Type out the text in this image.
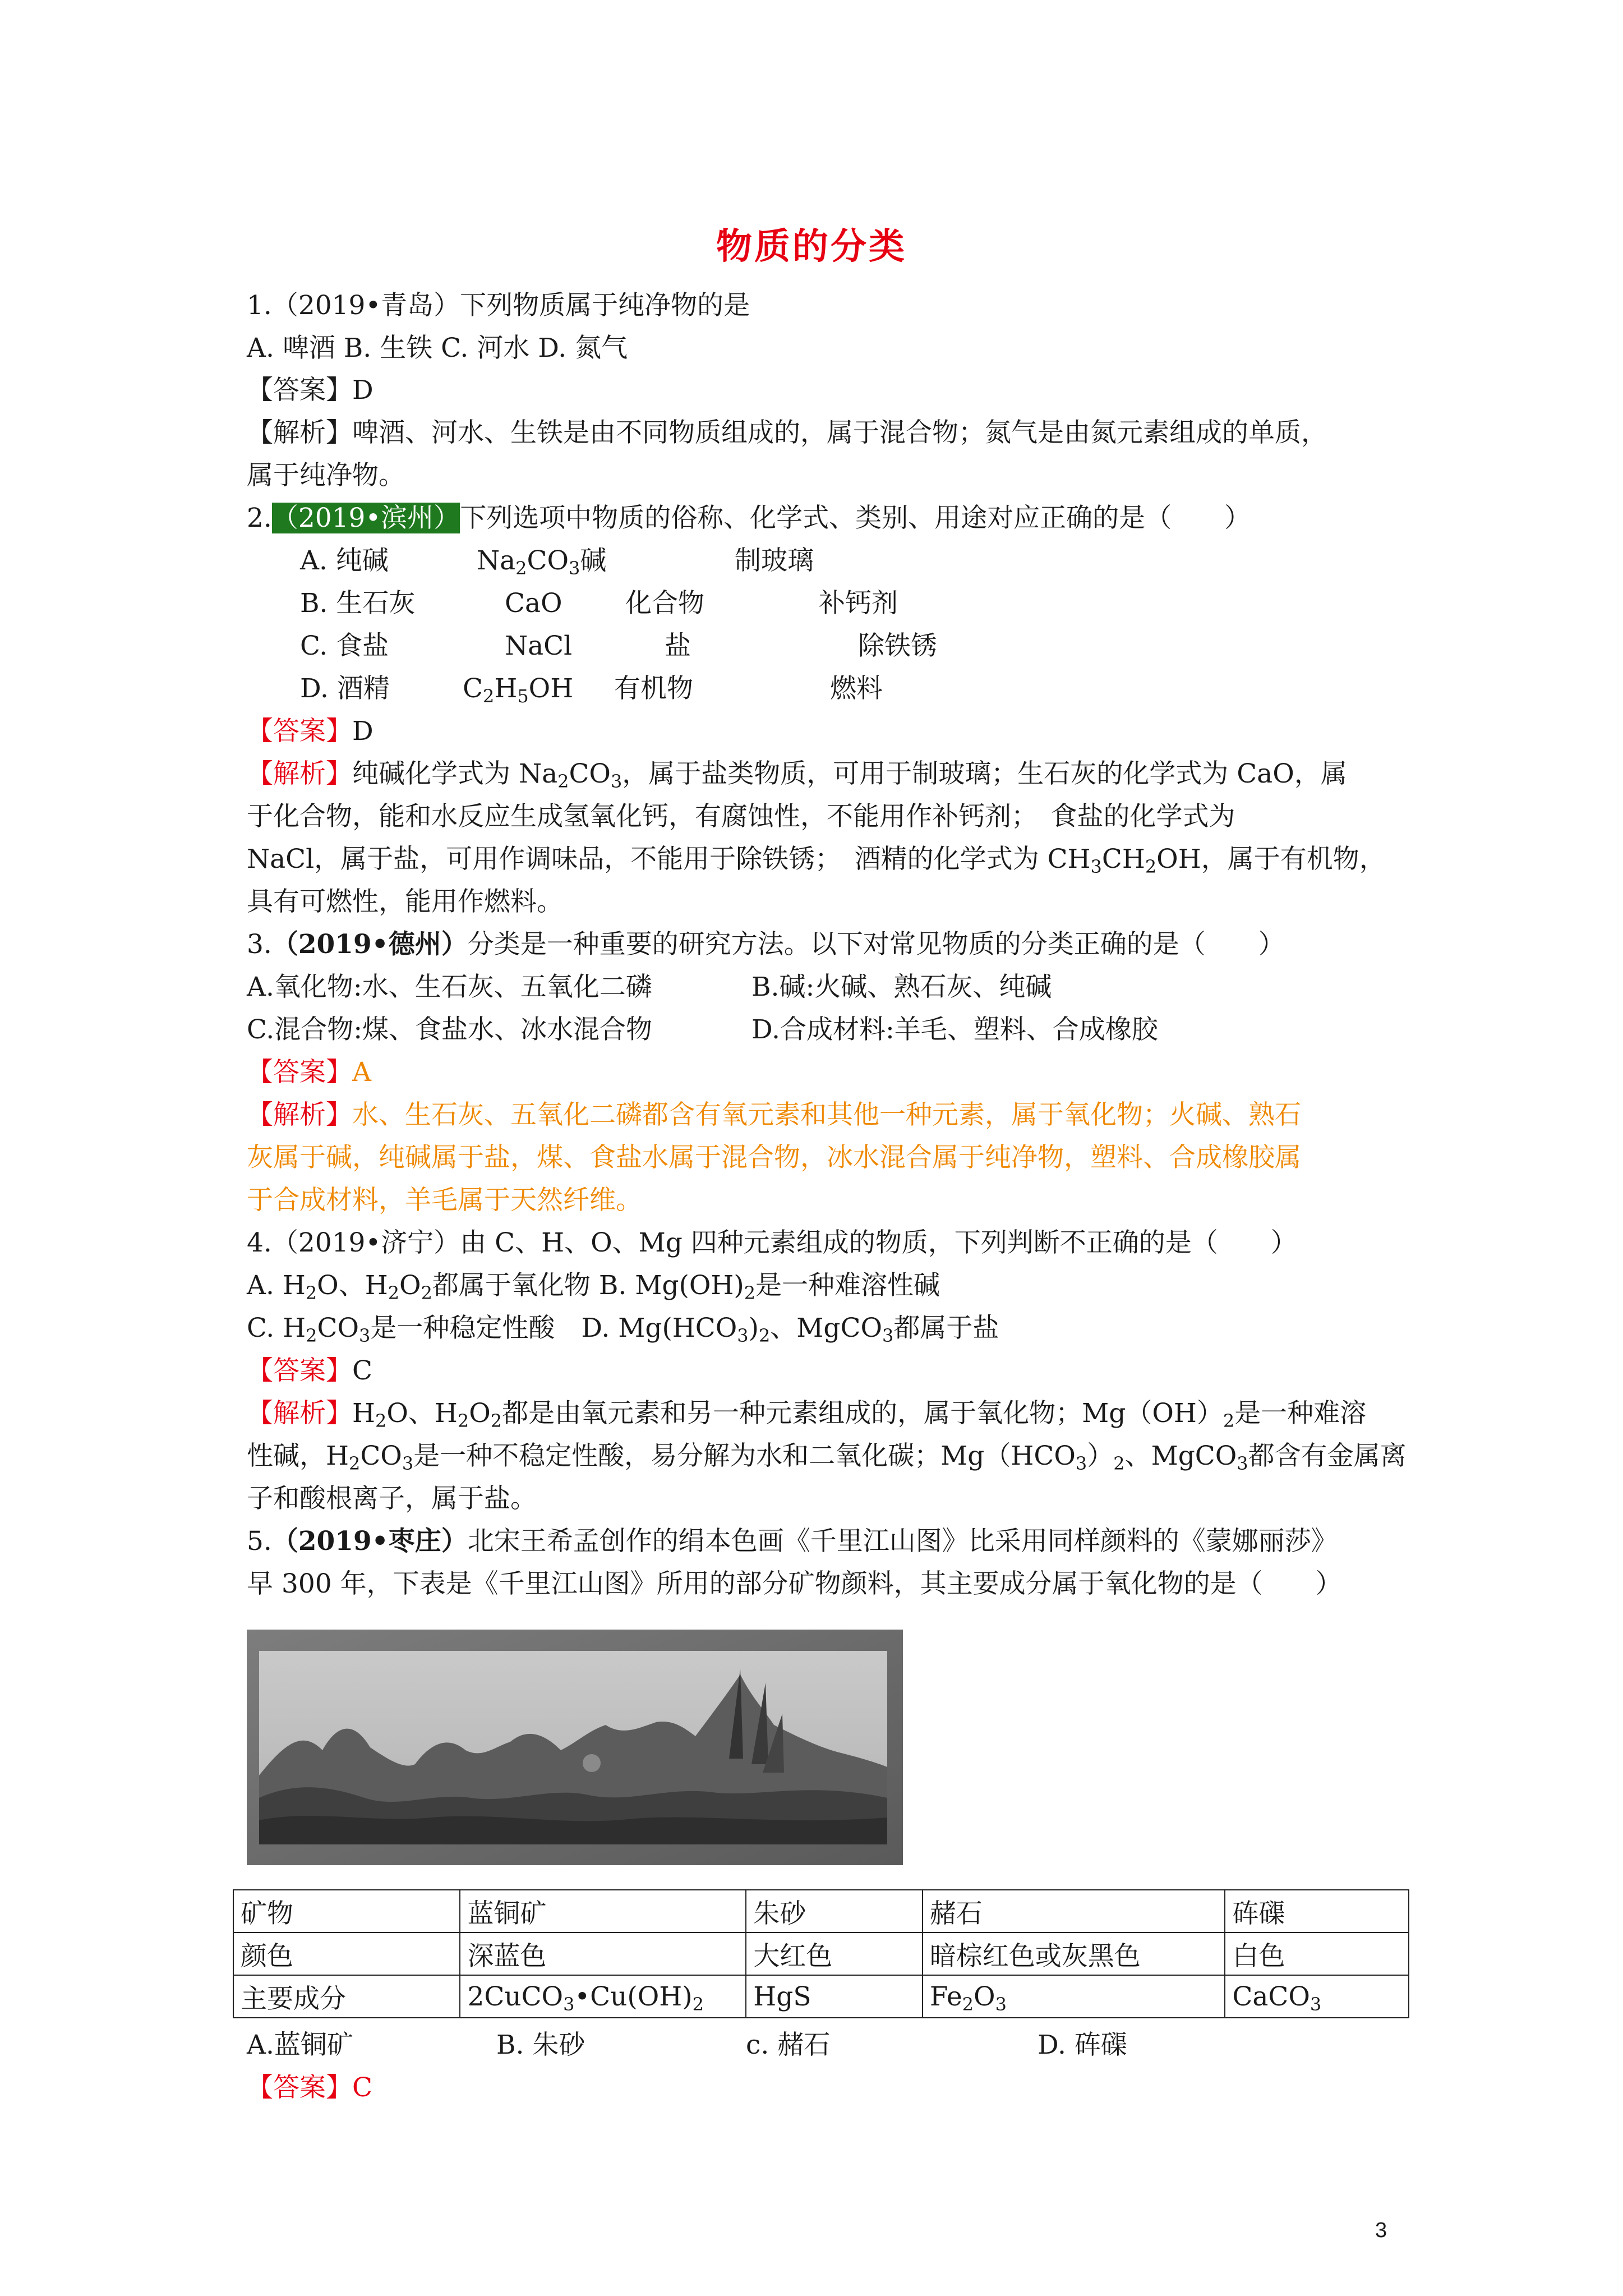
物质的分类
1.（2019•青岛）下列物质属于纯净物的是
A. 啤酒 B. 生铁 C. 河水 D. 氮气
【答案】D
【解析】啤酒、河水、生铁是由不同物质组成的，属于混合物；氮气是由氮元素组成的单质，
属于纯净物。
2.（2019•滨州）下列选项中物质的俗称、化学式、类别、用途对应正确的是（　　）
A. 纯碱	$Na_2CO_3$碱	制玻璃
B. 生石灰	CaO 化合物	补钙剂
C. 食盐	NaCl	盐	除铁锈
D. 酒精	$C_2H_5OH$ 有机物	燃料
【答案】D
【解析】纯碱化学式为 $Na_2CO_3$，属于盐类物质，可用于制玻璃；生石灰的化学式为 CaO，属
于化合物，能和水反应生成氢氧化钙，有腐蚀性，不能用作补钙剂；　食盐的化学式为
NaCl，属于盐，可用作调味品，不能用于除铁锈；　酒精的化学式为 $CH_3CH_2OH$，属于有机物，
具有可燃性，能用作燃料。
3.（2019•德州）分类是一种重要的研究方法。以下对常见物质的分类正确的是（　　）
A.氧化物:水、生石灰、五氧化二磷	B.碱:火碱、熟石灰、纯碱
C.混合物:煤、食盐水、冰水混合物	D.合成材料:羊毛、塑料、合成橡胶
【答案】A
【解析】水、生石灰、五氧化二磷都含有氧元素和其他一种元素，属于氧化物；火碱、熟石
灰属于碱，纯碱属于盐，煤、食盐水属于混合物，冰水混合属于纯净物，塑料、合成橡胶属
于合成材料，羊毛属于天然纤维。
4.（2019•济宁）由 C、H、O、Mg 四种元素组成的物质，下列判断不正确的是（　　）
A. $H_2O$、$H_2O_2$都属于氧化物 B. $Mg(OH)_2$是一种难溶性碱
C. $H_2CO_3$是一种稳定性酸　 D. $Mg(HCO_3)_2$、MgCO$_3$都属于盐
【答案】C
【解析】$H_2O$、$H_2O_2$都是由氧元素和另一种元素组成的，属于氧化物；$Mg(OH)_2$是一种难溶
性碱，$H_2CO_3$是一种不稳定性酸，易分解为水和二氧化碳；$Mg(HCO_3)_2$、MgCO$_3$都含有金属离
子和酸根离子，属于盐。
5.（2019•枣庄）北宋王希孟创作的绢本色画《千里江山图》比采用同样颜料的《蒙娜丽莎》
早 300 年，下表是《千里江山图》所用的部分矿物颜料，其主要成分属于氧化物的是（　　）
矿物	蓝铜矿	朱砂	赭石	砗磲
颜色	深蓝色	大红色	暗棕红色或灰黑色	白色
主要成分	$2CuCO_3•Cu(OH)_2$	HgS	$Fe_2O_3$	CaCO$_3$
A.蓝铜矿	B. 朱砂	c. 赭石	D. 砗磲
【答案】C
3
